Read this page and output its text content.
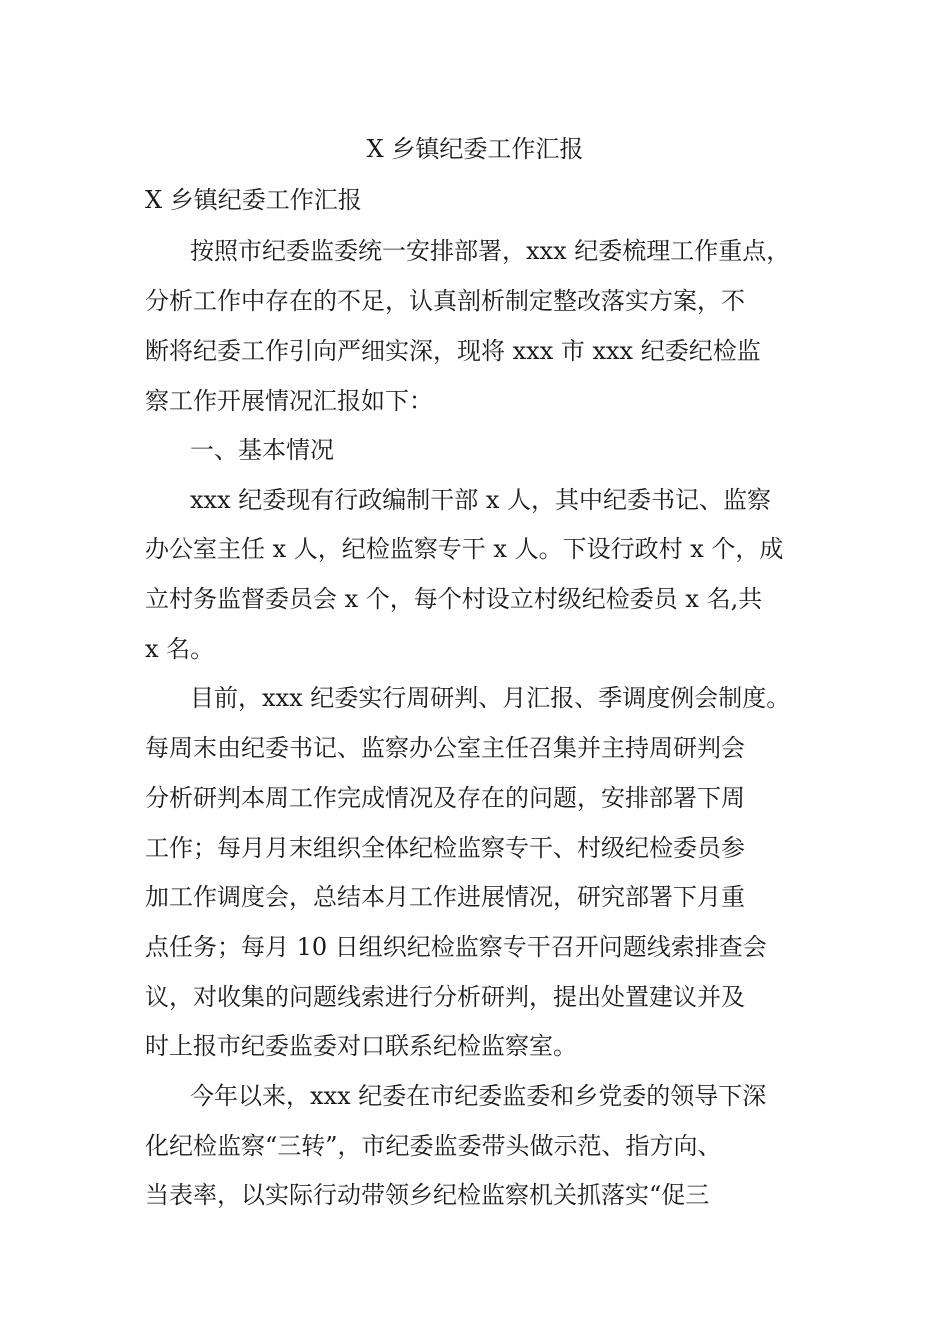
X 乡镇纪委工作汇报

X 乡镇纪委工作汇报

按照市纪委监委统一安排部署，xxx 纪委梳理工作重点，

分析工作中存在的不足，认真剖析制定整改落实方案，不

断将纪委工作引向严细实深，现将 xxx 市 xxx 纪委纪检监

察工作开展情况汇报如下：

一、基本情况

xxx 纪委现有行政编制干部 x 人，其中纪委书记、监察

办公室主任 x 人，纪检监察专干 x 人。下设行政村 x 个，成

立村务监督委员会 x 个，每个村设立村级纪检委员 x 名,共

x 名。

目前，xxx 纪委实行周研判、月汇报、季调度例会制度。

每周末由纪委书记、监察办公室主任召集并主持周研判会

分析研判本周工作完成情况及存在的问题，安排部署下周

工作；每月月末组织全体纪检监察专干、村级纪检委员参

加工作调度会，总结本月工作进展情况，研究部署下月重

点任务；每月 10 日组织纪检监察专干召开问题线索排查会

议，对收集的问题线索进行分析研判，提出处置建议并及

时上报市纪委监委对口联系纪检监察室。

今年以来，xxx 纪委在市纪委监委和乡党委的领导下深

化纪检监察“三转”，市纪委监委带头做示范、指方向、

当表率，以实际行动带领乡纪检监察机关抓落实“促三
